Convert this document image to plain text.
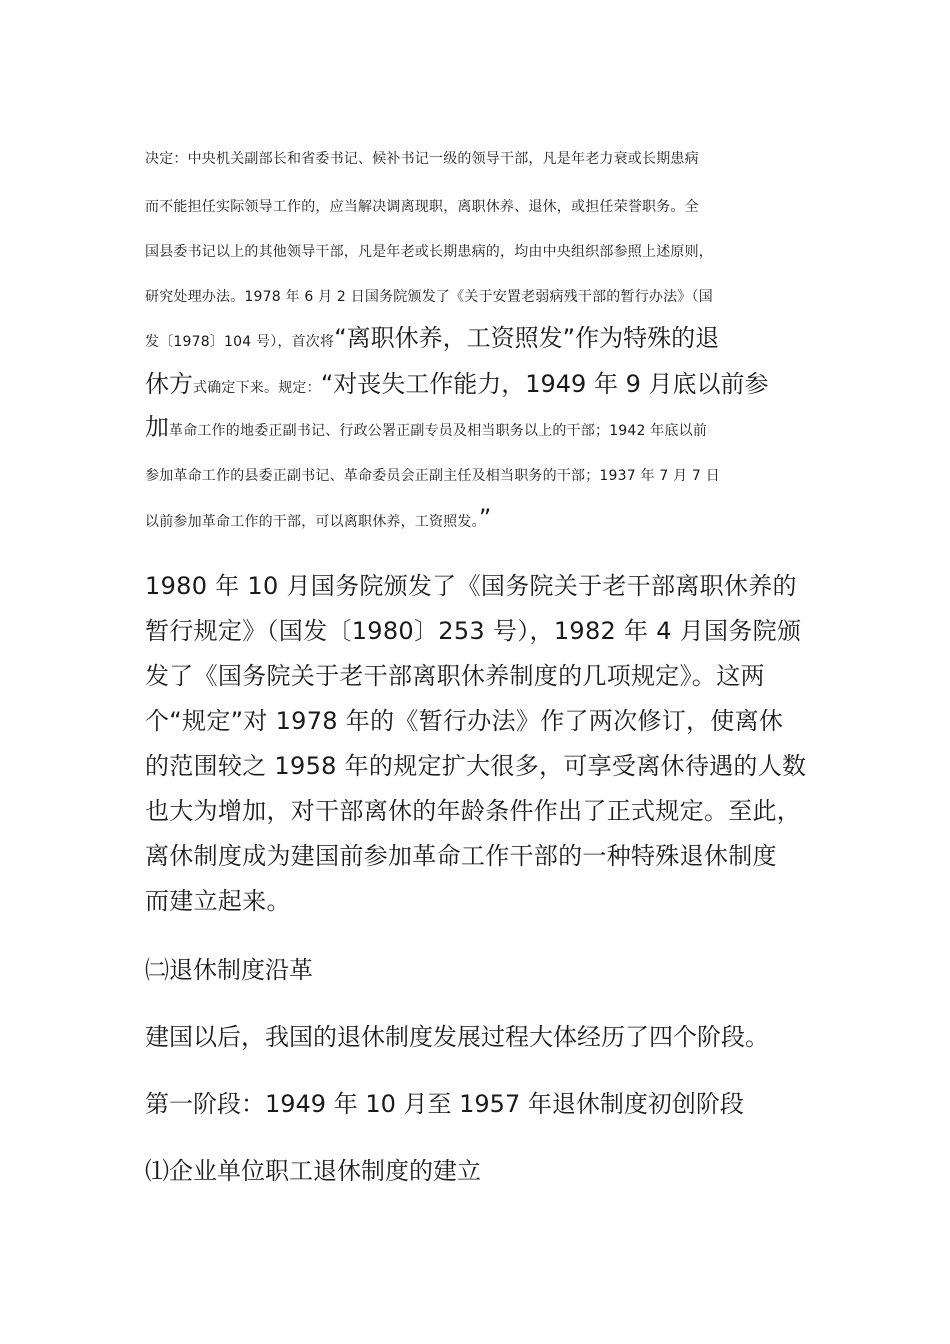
决定：中央机关副部长和省委书记、候补书记一级的领导干部，凡是年老力衰或长期患病
而不能担任实际领导工作的，应当解决调离现职，离职休养、退休，或担任荣誉职务。全
国县委书记以上的其他领导干部，凡是年老或长期患病的，均由中央组织部参照上述原则，
研究处理办法。1978 年 6 月 2 日国务院颁发了《关于安置老弱病残干部的暂行办法》（国
发〔1978〕104 号），首次将“离职休养，工资照发”作为特殊的退
休方式确定下来。规定：“对丧失工作能力，1949 年 9 月底以前参
加革命工作的地委正副书记、行政公署正副专员及相当职务以上的干部；1942 年底以前
参加革命工作的县委正副书记、革命委员会正副主任及相当职务的干部；1937 年 7 月 7 日
以前参加革命工作的干部，可以离职休养，工资照发。”
1980 年 10 月国务院颁发了《国务院关于老干部离职休养的
暂行规定》（国发〔1980〕253 号），1982 年 4 月国务院颁
发了《国务院关于老干部离职休养制度的几项规定》。这两
个“规定”对 1978 年的《暂行办法》作了两次修订，使离休
的范围较之 1958 年的规定扩大很多，可享受离休待遇的人数
也大为增加，对干部离休的年龄条件作出了正式规定。至此，
离休制度成为建国前参加革命工作干部的一种特殊退休制度
而建立起来。
㈡退休制度沿革
建国以后，我国的退休制度发展过程大体经历了四个阶段。
第一阶段：1949 年 10 月至 1957 年退休制度初创阶段
⑴企业单位职工退休制度的建立
